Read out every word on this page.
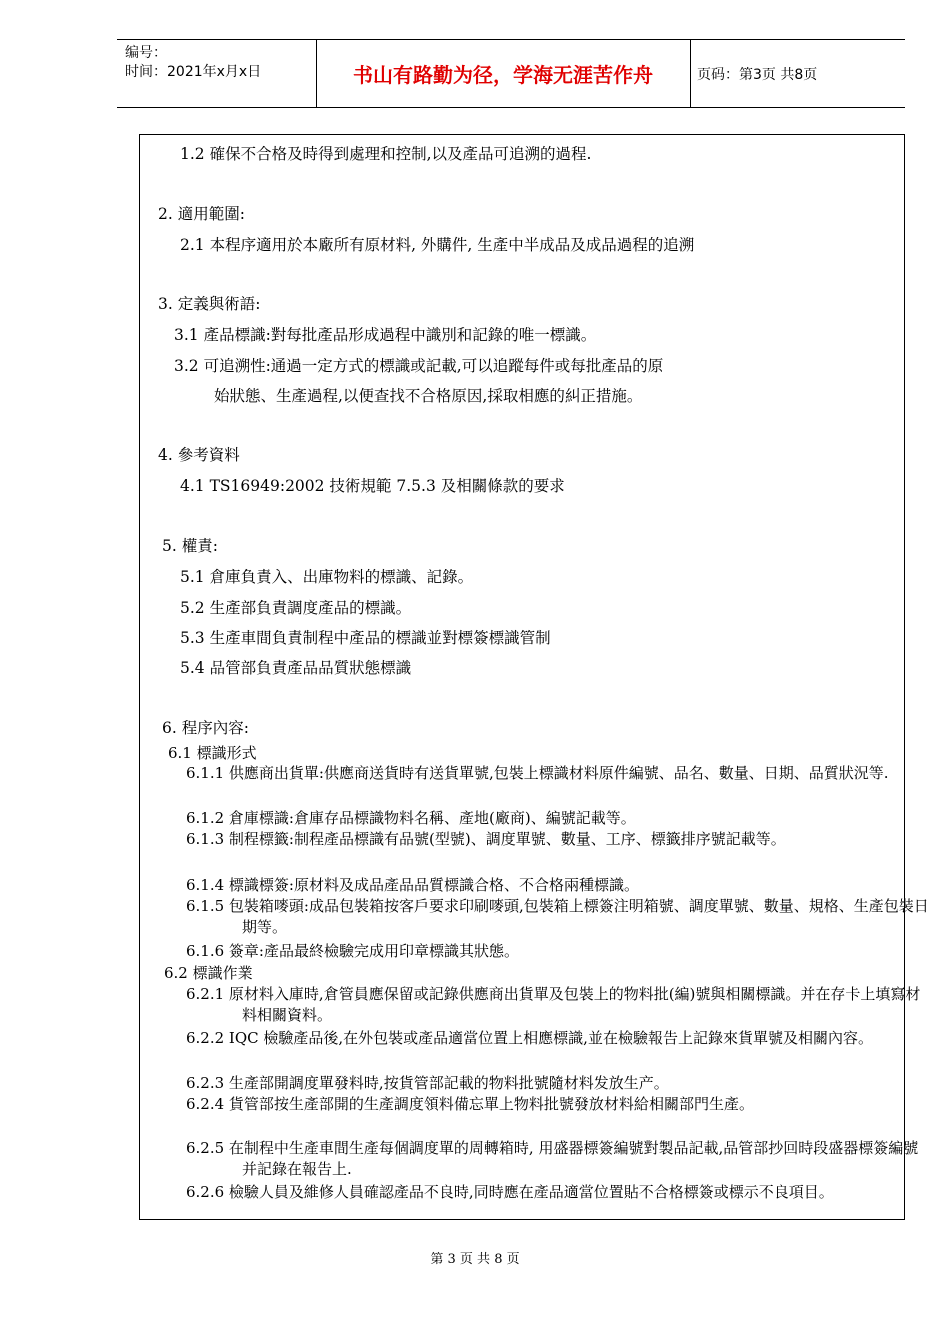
编号：
时间：2021年x月x日	书山有路勤为径，学海无涯苦作舟	页码：第3页 共8页
1.2 確保不合格及時得到處理和控制,以及產品可追溯的過程.
2. 適用範圍:
2.1 本程序適用於本廠所有原材料, 外購件, 生產中半成品及成品過程的追溯
3. 定義與術語:
3.1 產品標識:對每批產品形成過程中識別和記錄的唯一標識。
3.2 可追溯性:通過一定方式的標識或記載,可以追蹤每件或每批產品的原
始狀態、生產過程,以便查找不合格原因,採取相應的糾正措施。
4. 參考資料
4.1 TS16949:2002 技術規範 7.5.3 及相關條款的要求
5. 權責:
5.1 倉庫負責入、出庫物料的標識、記錄。
5.2 生產部負責調度產品的標識。
5.3 生產車間負責制程中產品的標識並對標簽標識管制
5.4 品管部負責產品品質狀態標識
6. 程序內容:
6.1 標識形式
6.1.1 供應商出貨單:供應商送貨時有送貨單號,包裝上標識材料原件編號、品名、數量、日期、品質狀況等.
6.1.2 倉庫標識:倉庫存品標識物料名稱、產地(廠商)、編號記載等。
6.1.3 制程標籤:制程產品標識有品號(型號)、調度單號、數量、工序、標籤排序號記載等。
6.1.4 標識標簽:原材料及成品產品品質標識合格、不合格兩種標識。
6.1.5 包裝箱嘜頭:成品包裝箱按客戶要求印刷嘜頭,包裝箱上標簽注明箱號、調度單號、數量、規格、生產包裝日期等。
6.1.6 簽章:產品最終檢驗完成用印章標識其狀態。
6.2 標識作業
6.2.1 原材料入庫時,倉管員應保留或記錄供應商出貨單及包裝上的物料批(編)號與相關標識。并在存卡上填寫材料相關資料。
6.2.2 IQC 檢驗產品後,在外包裝或產品適當位置上相應標識,並在檢驗報告上記錄來貨單號及相關內容。
6.2.3 生產部開調度單發料時,按貨管部記載的物料批號隨材料发放生产。
6.2.4 貨管部按生產部開的生產調度領料備忘單上物料批號發放材料給相關部門生產。
6.2.5 在制程中生產車間生產每個調度單的周轉箱時, 用盛器標簽編號對製品記載,品管部抄回時段盛器標簽編號并記錄在報告上.
6.2.6 檢驗人員及維修人員確認產品不良時,同時應在產品適當位置貼不合格標簽或標示不良項目。
第 3 页 共 8 页
